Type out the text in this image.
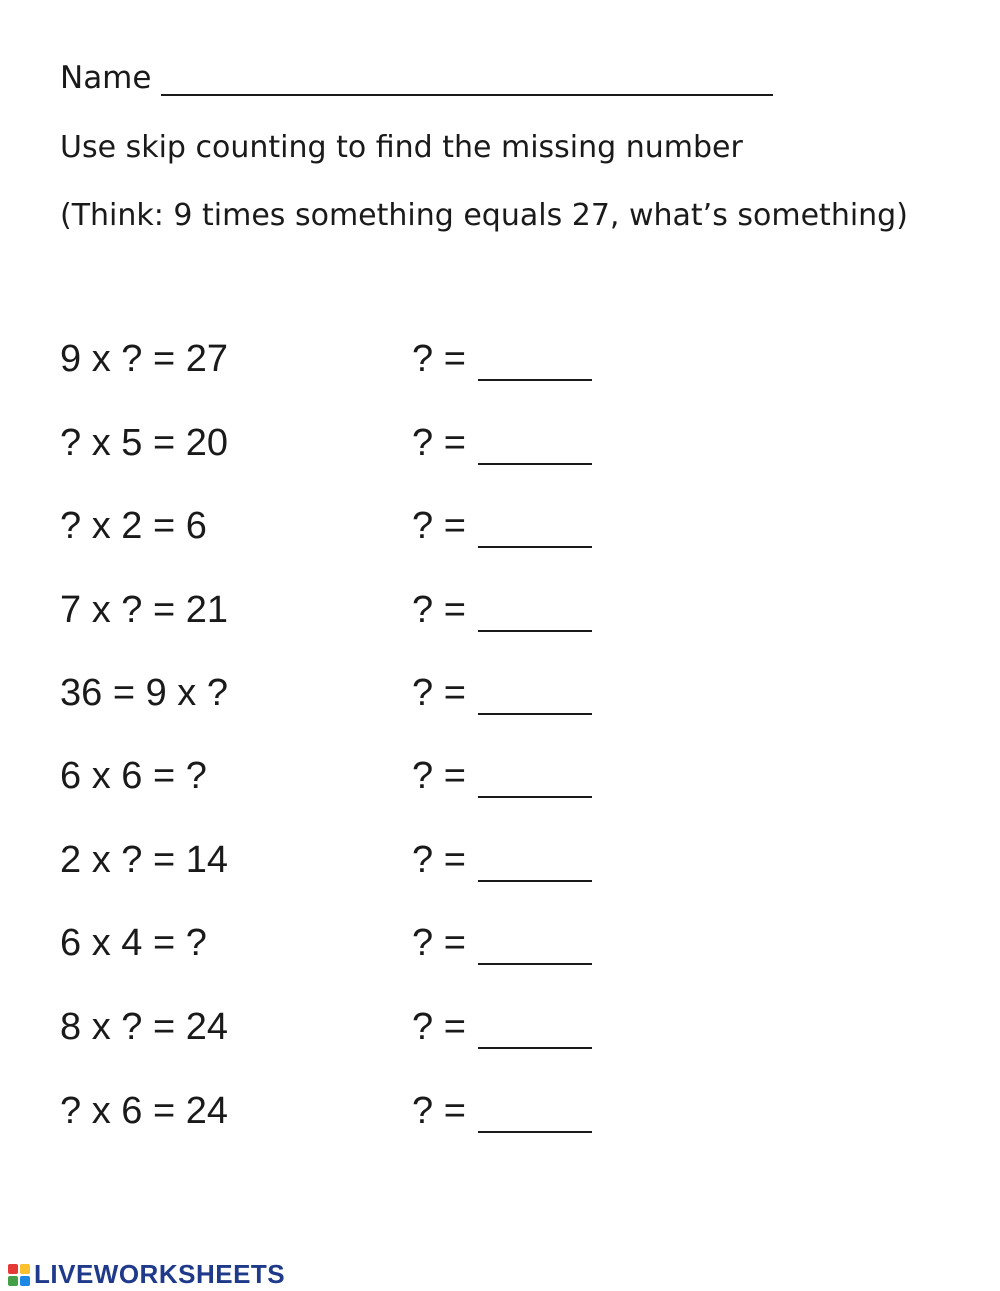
Name
Use skip counting to find the missing number
(Think: 9 times something equals 27, what’s something)
9 x ? = 27	? =
? x 5 = 20	? =
? x 2 = 6	? =
7 x ? = 21	? =
36 = 9 x ?	? =
6 x 6 = ?	? =
2 x ? = 14	? =
6 x 4 = ?	? =
8 x ? = 24	? =
? x 6 = 24	? =
LIVEWORKSHEETS
